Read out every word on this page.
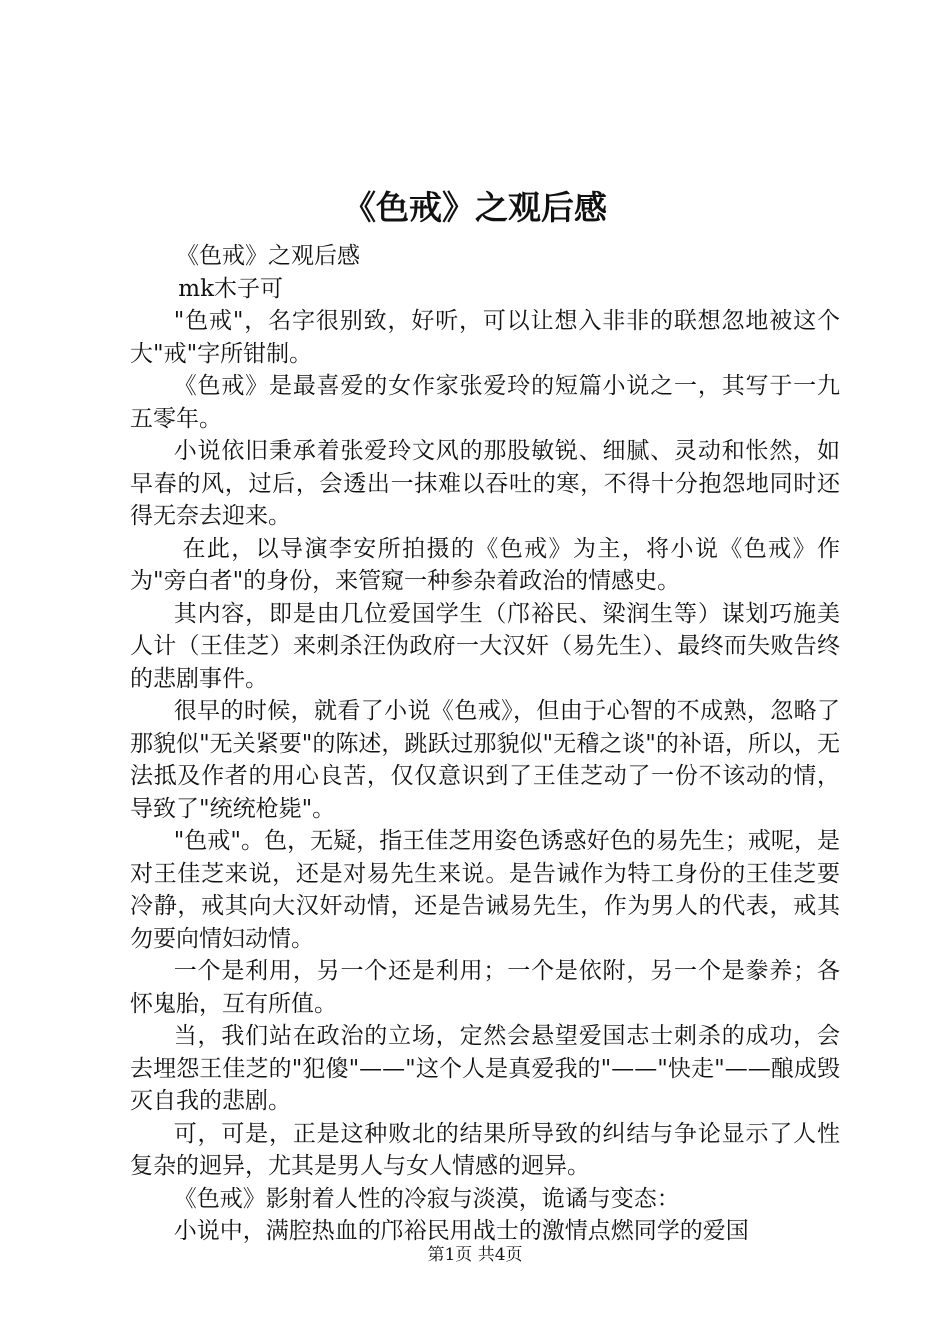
《色戒》之观后感

《色戒》之观后感

mk木子可

"色戒"，名字很别致，好听，可以让想入非非的联想忽地被这个大"戒"字所钳制。

《色戒》是最喜爱的女作家张爱玲的短篇小说之一，其写于一九五零年。

小说依旧秉承着张爱玲文风的那股敏锐、细腻、灵动和怅然，如早春的风，过后，会透出一抹难以吞吐的寒，不得十分抱怨地同时还得无奈去迎来。

在此，以导演李安所拍摄的《色戒》为主，将小说《色戒》作为"旁白者"的身份，来管窥一种参杂着政治的情感史。

其内容，即是由几位爱国学生（邝裕民、梁润生等）谋划巧施美人计（王佳芝）来刺杀汪伪政府一大汉奸（易先生）、最终而失败告终的悲剧事件。

很早的时候，就看了小说《色戒》，但由于心智的不成熟，忽略了那貌似"无关紧要"的陈述，跳跃过那貌似"无稽之谈"的补语，所以，无法抵及作者的用心良苦，仅仅意识到了王佳芝动了一份不该动的情，导致了"统统枪毙"。

"色戒"。色，无疑，指王佳芝用姿色诱惑好色的易先生；戒呢，是对王佳芝来说，还是对易先生来说。是告诫作为特工身份的王佳芝要冷静，戒其向大汉奸动情，还是告诫易先生，作为男人的代表，戒其勿要向情妇动情。

一个是利用，另一个还是利用；一个是依附，另一个是豢养；各怀鬼胎，互有所值。

当，我们站在政治的立场，定然会悬望爱国志士刺杀的成功，会去埋怨王佳芝的"犯傻"——"这个人是真爱我的"——"快走"——酿成毁灭自我的悲剧。

可，可是，正是这种败北的结果所导致的纠结与争论显示了人性复杂的迥异，尤其是男人与女人情感的迥异。

《色戒》影射着人性的冷寂与淡漠，诡谲与变态：

小说中，满腔热血的邝裕民用战士的激情点燃同学的爱国

第1页 共4页
